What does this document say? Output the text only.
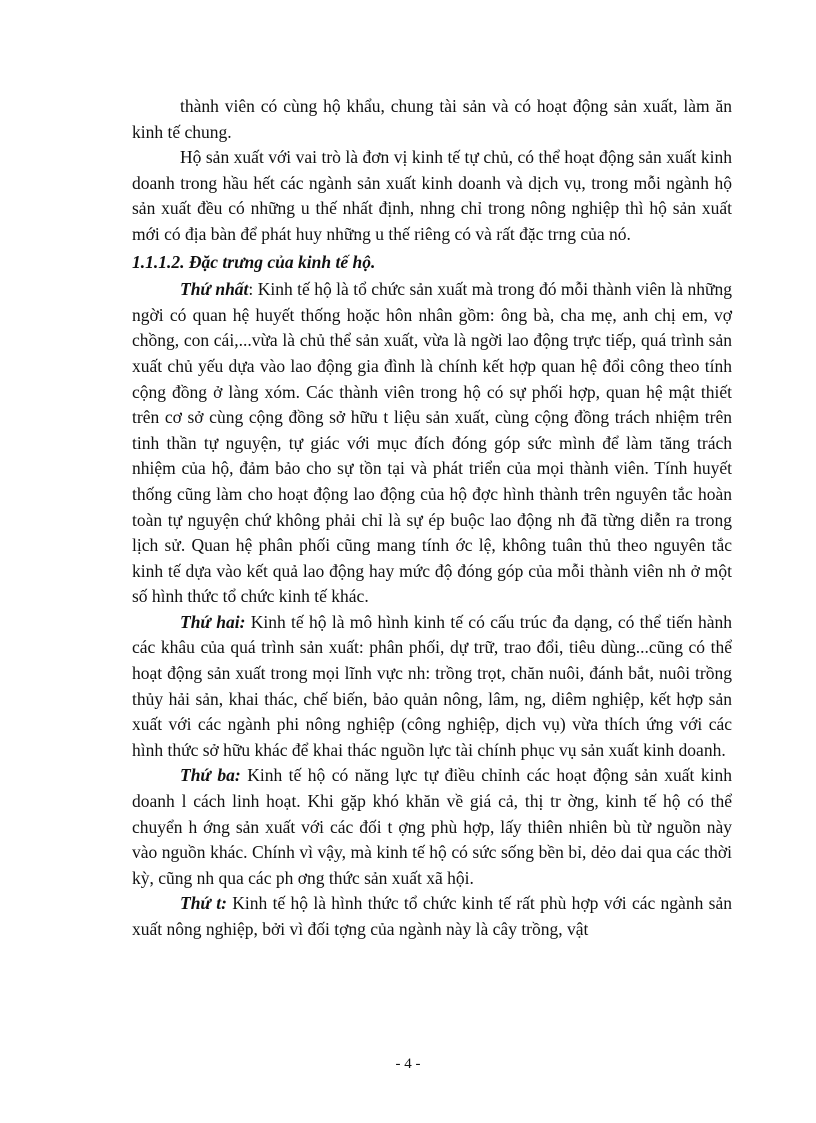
thành viên có cùng hộ khẩu, chung tài sản và có hoạt động sản xuất, làm ăn kinh tế chung.

Hộ sản xuất với vai trò là đơn vị kinh tế tự chủ, có thể hoạt động sản xuất kinh doanh trong hầu hết các ngành sản xuất kinh doanh và dịch vụ, trong mỗi ngành hộ sản xuất đều có những u thế nhất định, nhng chỉ trong nông nghiệp thì hộ sản xuất mới có địa bàn để phát huy những u thế riêng có và rất đặc trng của nó.

1.1.1.2. Đặc trưng của kinh tế hộ.

Thứ nhất: Kinh tế hộ là tổ chức sản xuất mà trong đó mỗi thành viên là những ngời có quan hệ huyết thống hoặc hôn nhân gồm: ông bà, cha mẹ, anh chị em, vợ chồng, con cái,...vừa là chủ thể sản xuất, vừa là ngời lao động trực tiếp, quá trình sản xuất chủ yếu dựa vào lao động gia đình là chính kết hợp quan hệ đổi công theo tính cộng đồng ở làng xóm. Các thành viên trong hộ có sự phối hợp, quan hệ mật thiết trên cơ sở cùng cộng đồng sở hữu t liệu sản xuất, cùng cộng đồng trách nhiệm trên tinh thần tự nguyện, tự giác với mục đích đóng góp sức mình để làm tăng trách nhiệm của hộ, đảm bảo cho sự tồn tại và phát triển của mọi thành viên. Tính huyết thống cũng làm cho hoạt động lao động của hộ đợc hình thành trên nguyên tắc hoàn toàn tự nguyện chứ không phải chỉ là sự ép buộc lao động nh đã từng diễn ra trong lịch sử. Quan hệ phân phối cũng mang tính ớc lệ, không tuân thủ theo nguyên tắc kinh tế dựa vào kết quả lao động hay mức độ đóng góp của mỗi thành viên nh ở một số hình thức tổ chức kinh tế khác.

Thứ hai: Kinh tế hộ là mô hình kinh tế có cấu trúc đa dạng, có thể tiến hành các khâu của quá trình sản xuất: phân phối, dự trữ, trao đổi, tiêu dùng...cũng có thể hoạt động sản xuất trong mọi lĩnh vực nh: trồng trọt, chăn nuôi, đánh bắt, nuôi trồng thủy hải sản, khai thác, chế biến, bảo quản nông, lâm, ng, diêm nghiệp, kết hợp sản xuất với các ngành phi nông nghiệp (công nghiệp, dịch vụ) vừa thích ứng với các hình thức sở hữu khác để khai thác nguồn lực tài chính phục vụ sản xuất kinh doanh.

Thứ ba: Kinh tế hộ có năng lực tự điều chỉnh các hoạt động sản xuất kinh doanh l cách linh hoạt. Khi gặp khó khăn về giá cả, thị tr ờng, kinh tế hộ có thể chuyển h ớng sản xuất với các đối t ợng phù hợp, lấy thiên nhiên bù từ nguồn này vào nguồn khác. Chính vì vậy, mà kinh tế hộ có sức sống bền bỉ, dẻo dai qua các thời kỳ, cũng nh qua các ph ơng thức sản xuất xã hội.

Thứ t: Kinh tế hộ là hình thức tổ chức kinh tế rất phù hợp với các ngành sản xuất nông nghiệp, bởi vì đối tợng của ngành này là cây trồng, vật

- 4 -
